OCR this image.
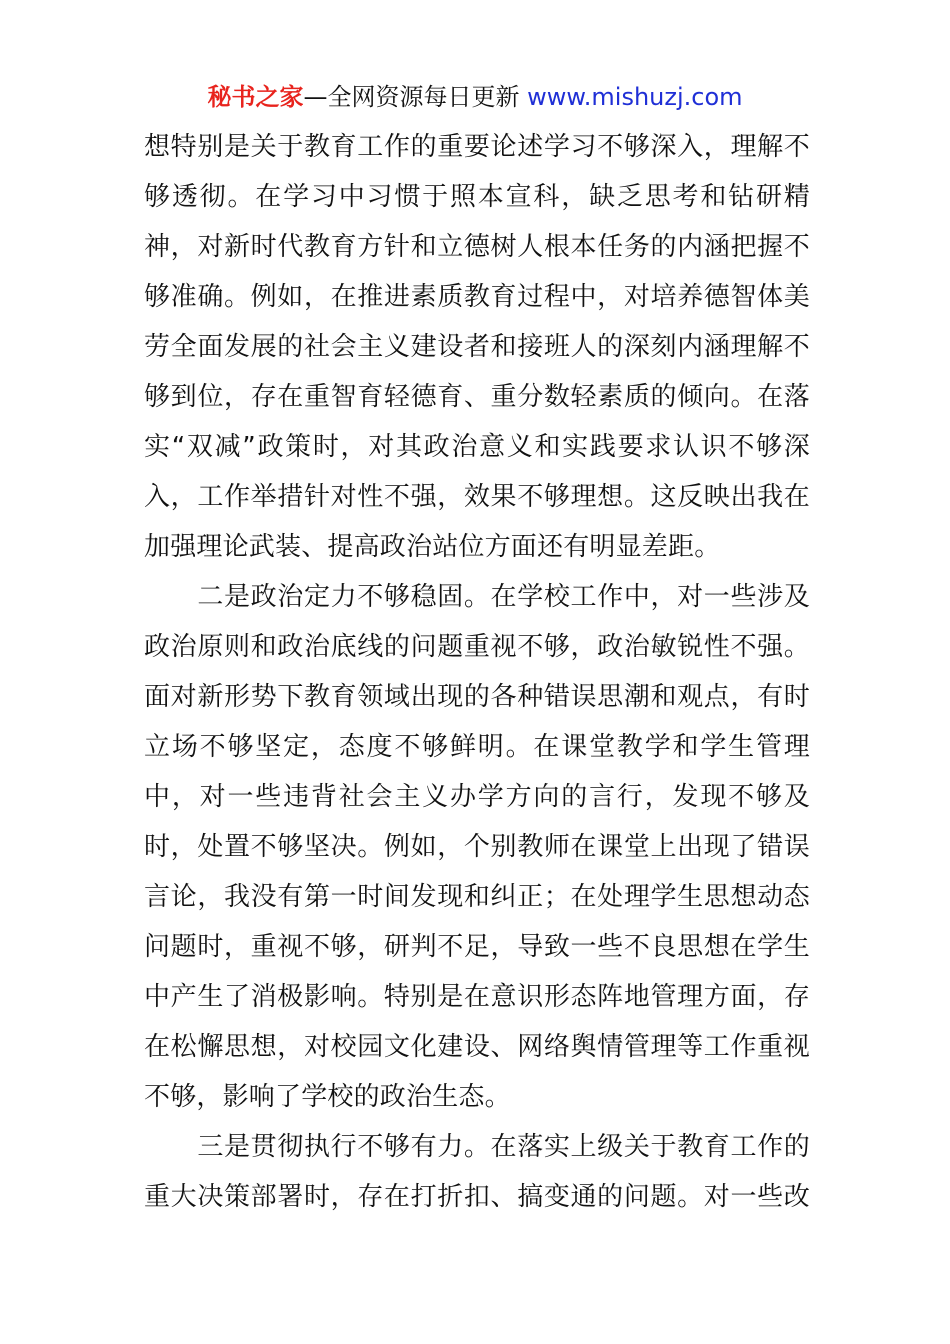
秘书之家—全网资源每日更新 www.mishuzj.com
想特别是关于教育工作的重要论述学习不够深入，理解不
够透彻。在学习中习惯于照本宣科，缺乏思考和钻研精
神，对新时代教育方针和立德树人根本任务的内涵把握不
够准确。例如，在推进素质教育过程中，对培养德智体美
劳全面发展的社会主义建设者和接班人的深刻内涵理解不
够到位，存在重智育轻德育、重分数轻素质的倾向。在落
实“双减”政策时，对其政治意义和实践要求认识不够深
入，工作举措针对性不强，效果不够理想。这反映出我在
加强理论武装、提高政治站位方面还有明显差距。
　　二是政治定力不够稳固。在学校工作中，对一些涉及
政治原则和政治底线的问题重视不够，政治敏锐性不强。
面对新形势下教育领域出现的各种错误思潮和观点，有时
立场不够坚定，态度不够鲜明。在课堂教学和学生管理
中，对一些违背社会主义办学方向的言行，发现不够及
时，处置不够坚决。例如，个别教师在课堂上出现了错误
言论，我没有第一时间发现和纠正；在处理学生思想动态
问题时，重视不够，研判不足，导致一些不良思想在学生
中产生了消极影响。特别是在意识形态阵地管理方面，存
在松懈思想，对校园文化建设、网络舆情管理等工作重视
不够，影响了学校的政治生态。
　　三是贯彻执行不够有力。在落实上级关于教育工作的
重大决策部署时，存在打折扣、搞变通的问题。对一些改
